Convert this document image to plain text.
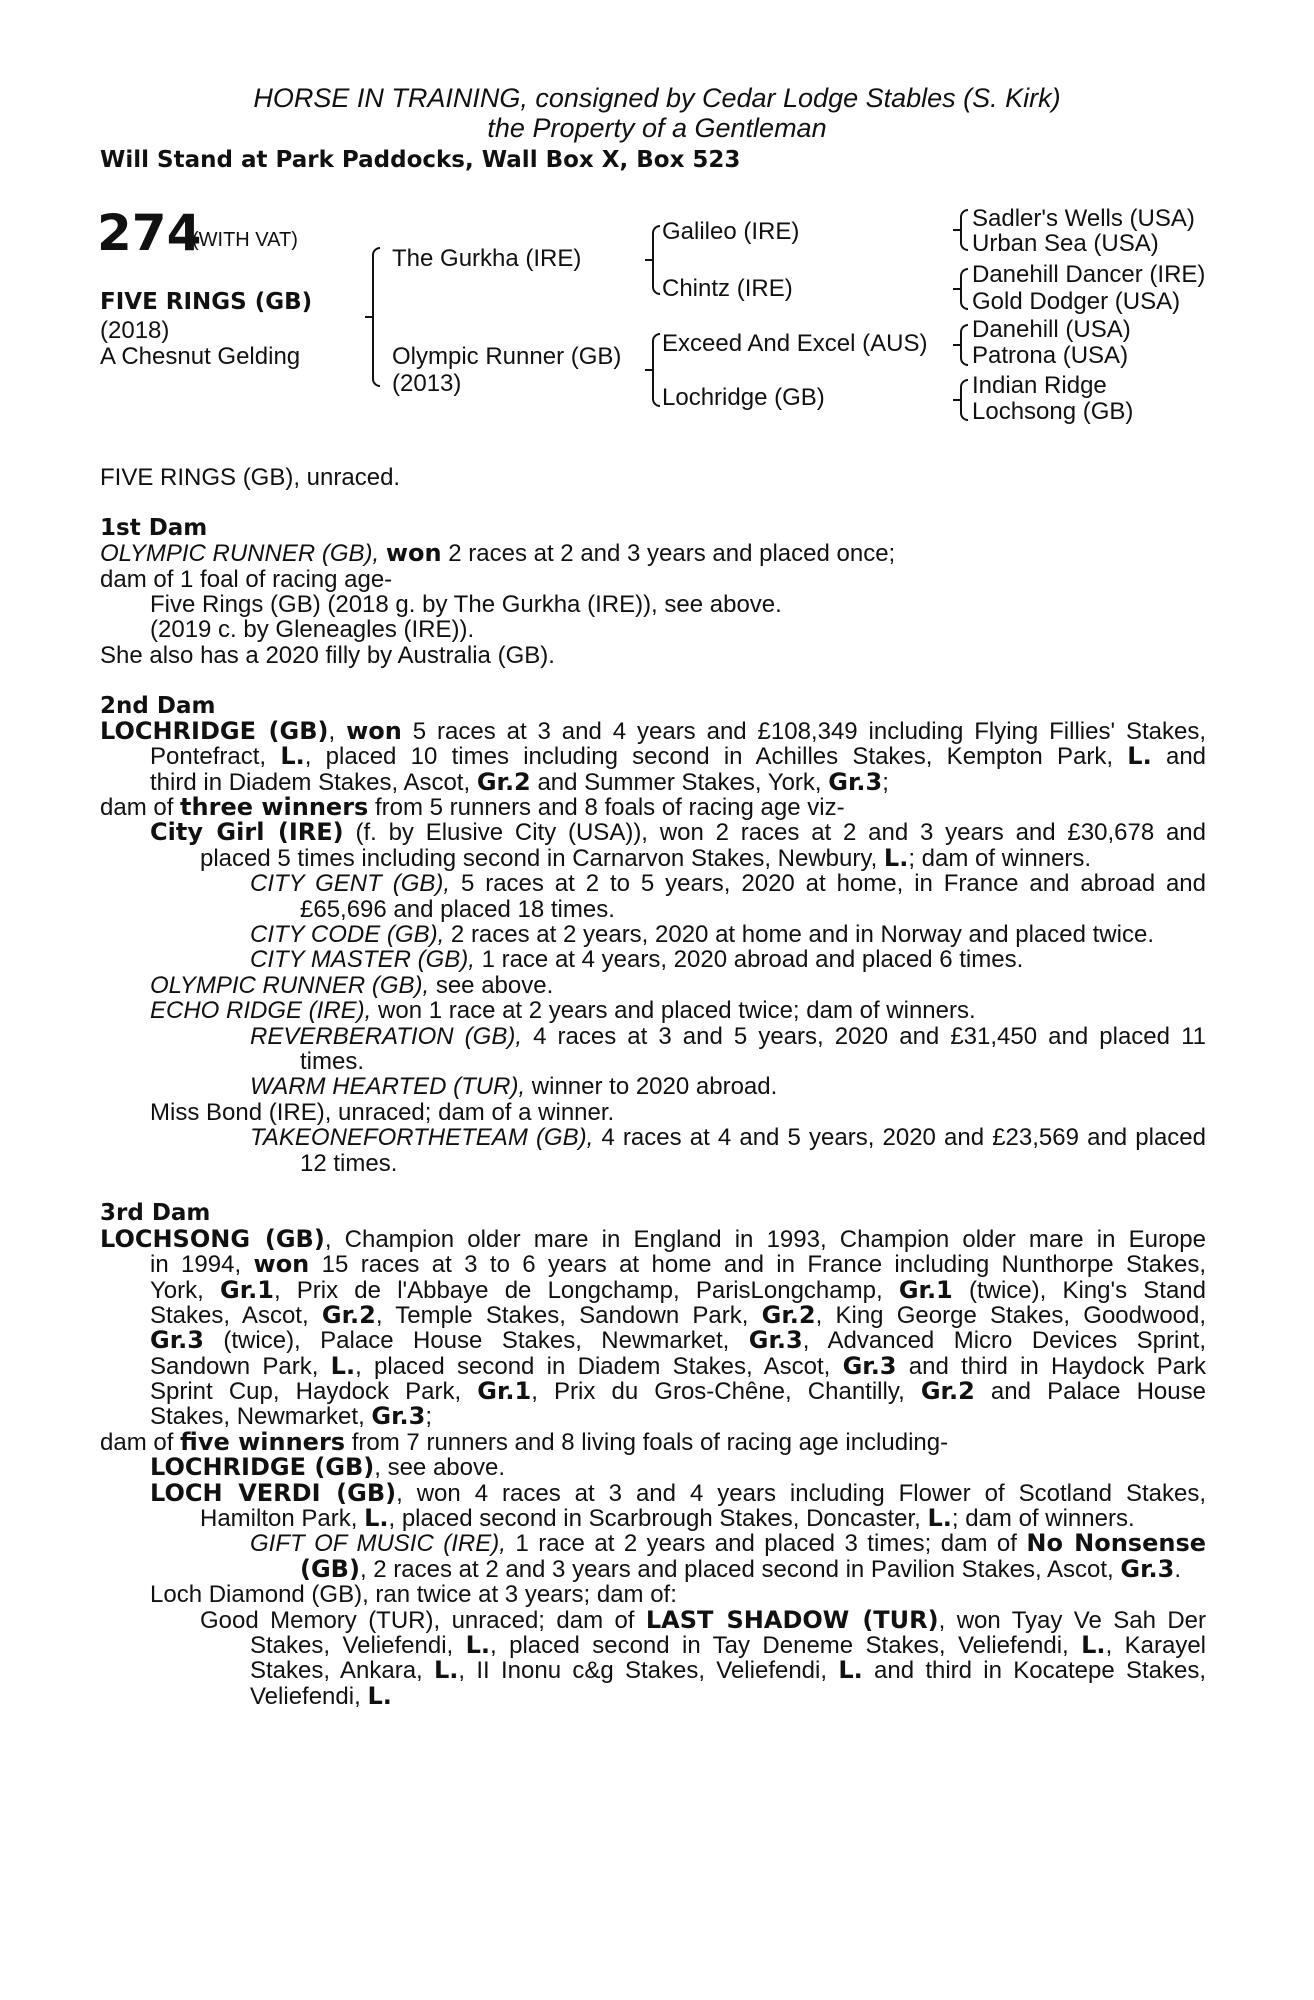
HORSE IN TRAINING, consigned by Cedar Lodge Stables (S. Kirk)
the Property of a Gentleman
Will Stand at Park Paddocks, Wall Box X, Box 523
274
(WITH VAT)
FIVE RINGS (GB)
(2018)
A Chesnut Gelding
The Gurkha (IRE)
Olympic Runner (GB)
(2013)
Galileo (IRE)
Chintz (IRE)
Exceed And Excel (AUS)
Lochridge (GB)
Sadler's Wells (USA)
Urban Sea (USA)
Danehill Dancer (IRE)
Gold Dodger (USA)
Danehill (USA)
Patrona (USA)
Indian Ridge
Lochsong (GB)
FIVE RINGS (GB), unraced.
1st Dam
OLYMPIC RUNNER (GB), won 2 races at 2 and 3 years and placed once;
dam of 1 foal of racing age-
Five Rings (GB) (2018 g. by The Gurkha (IRE)), see above.
(2019 c. by Gleneagles (IRE)).
She also has a 2020 filly by Australia (GB).
2nd Dam
LOCHRIDGE (GB), won 5 races at 3 and 4 years and £108,349 including Flying Fillies' Stakes,
Pontefract, L., placed 10 times including second in Achilles Stakes, Kempton Park, L. and
third in Diadem Stakes, Ascot, Gr.2 and Summer Stakes, York, Gr.3;
dam of three winners from 5 runners and 8 foals of racing age viz-
City Girl (IRE) (f. by Elusive City (USA)), won 2 races at 2 and 3 years and £30,678 and
placed 5 times including second in Carnarvon Stakes, Newbury, L.; dam of winners.
CITY GENT (GB), 5 races at 2 to 5 years, 2020 at home, in France and abroad and
£65,696 and placed 18 times.
CITY CODE (GB), 2 races at 2 years, 2020 at home and in Norway and placed twice.
CITY MASTER (GB), 1 race at 4 years, 2020 abroad and placed 6 times.
OLYMPIC RUNNER (GB), see above.
ECHO RIDGE (IRE), won 1 race at 2 years and placed twice; dam of winners.
REVERBERATION (GB), 4 races at 3 and 5 years, 2020 and £31,450 and placed 11
times.
WARM HEARTED (TUR), winner to 2020 abroad.
Miss Bond (IRE), unraced; dam of a winner.
TAKEONEFORTHETEAM (GB), 4 races at 4 and 5 years, 2020 and £23,569 and placed
12 times.
3rd Dam
LOCHSONG (GB), Champion older mare in England in 1993, Champion older mare in Europe
in 1994, won 15 races at 3 to 6 years at home and in France including Nunthorpe Stakes,
York, Gr.1, Prix de l'Abbaye de Longchamp, ParisLongchamp, Gr.1 (twice), King's Stand
Stakes, Ascot, Gr.2, Temple Stakes, Sandown Park, Gr.2, King George Stakes, Goodwood,
Gr.3 (twice), Palace House Stakes, Newmarket, Gr.3, Advanced Micro Devices Sprint,
Sandown Park, L., placed second in Diadem Stakes, Ascot, Gr.3 and third in Haydock Park
Sprint Cup, Haydock Park, Gr.1, Prix du Gros-Chêne, Chantilly, Gr.2 and Palace House
Stakes, Newmarket, Gr.3;
dam of five winners from 7 runners and 8 living foals of racing age including-
LOCHRIDGE (GB), see above.
LOCH VERDI (GB), won 4 races at 3 and 4 years including Flower of Scotland Stakes,
Hamilton Park, L., placed second in Scarbrough Stakes, Doncaster, L.; dam of winners.
GIFT OF MUSIC (IRE), 1 race at 2 years and placed 3 times; dam of No Nonsense
(GB), 2 races at 2 and 3 years and placed second in Pavilion Stakes, Ascot, Gr.3.
Loch Diamond (GB), ran twice at 3 years; dam of:
Good Memory (TUR), unraced; dam of LAST SHADOW (TUR), won Tyay Ve Sah Der
Stakes, Veliefendi, L., placed second in Tay Deneme Stakes, Veliefendi, L., Karayel
Stakes, Ankara, L., II Inonu c&g Stakes, Veliefendi, L. and third in Kocatepe Stakes,
Veliefendi, L.
